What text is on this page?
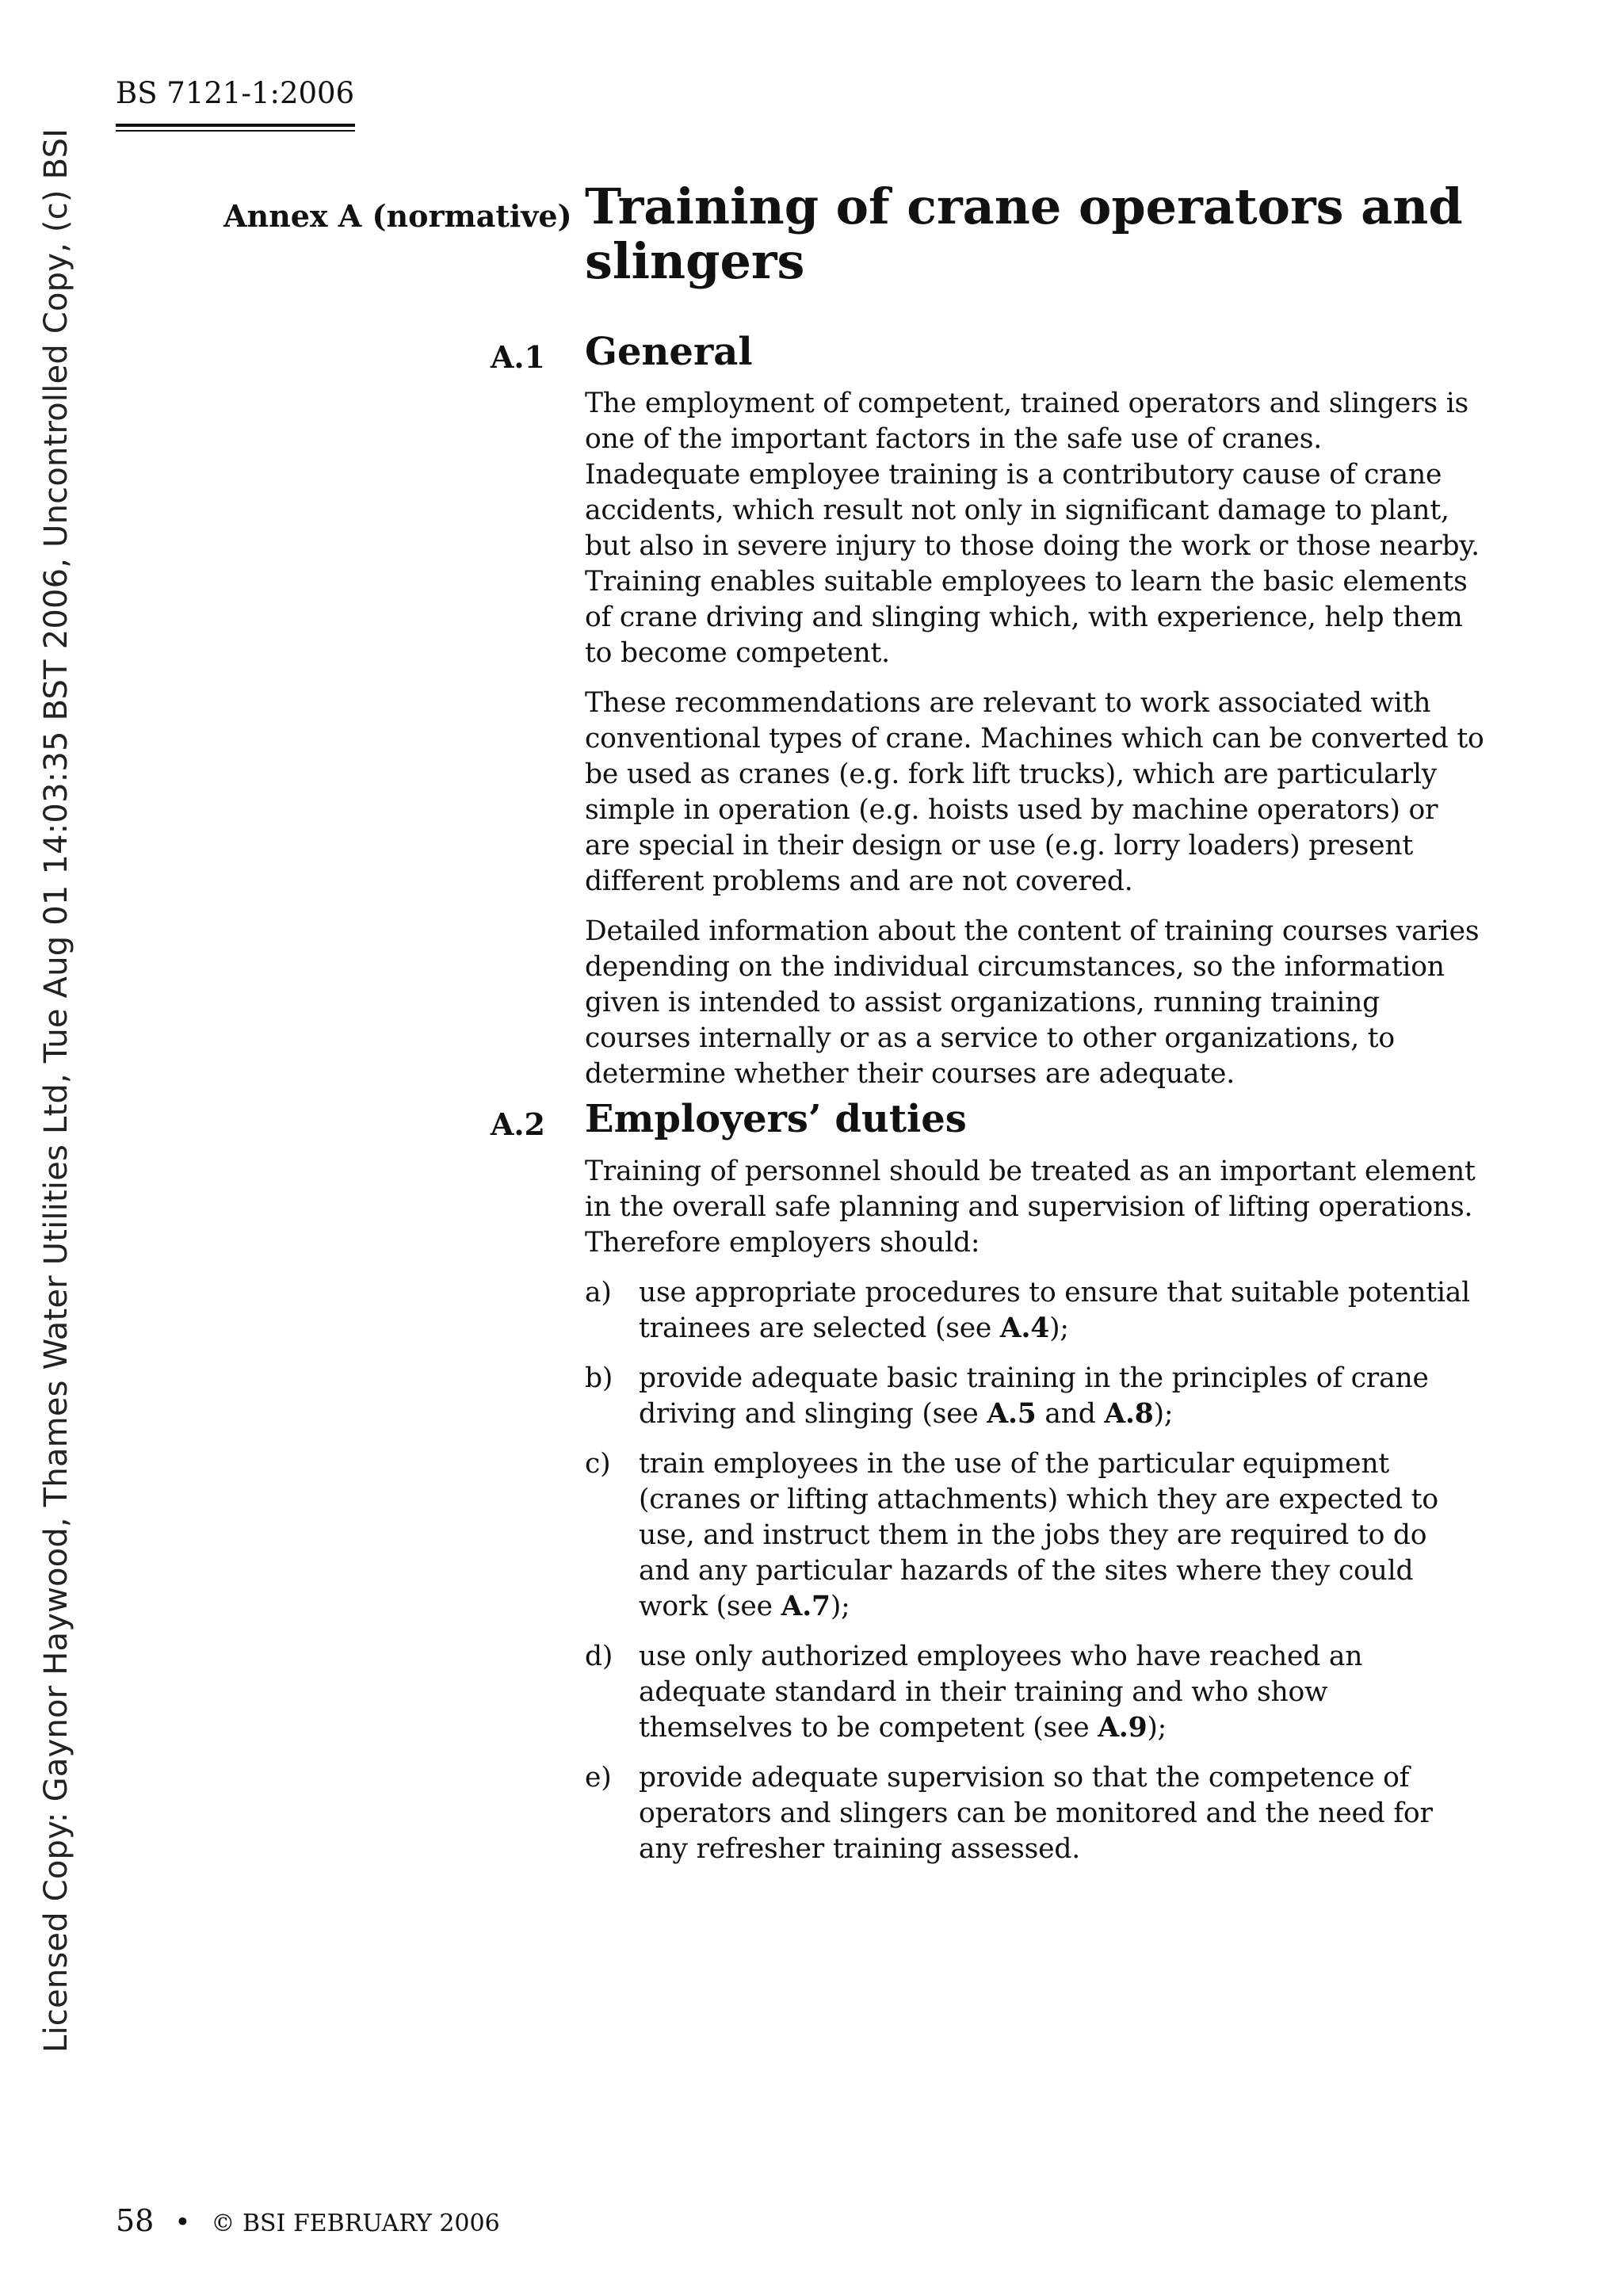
BS 7121-1:2006
Licensed Copy: Gaynor Haywood, Thames Water Utilities Ltd, Tue Aug 01 14:03:35 BST 2006, Uncontrolled Copy, (c) BSI	Annex A (normative) Training of crane operators and slingers
A.1 General

The employment of competent, trained operators and slingers is one of the important factors in the safe use of cranes. Inadequate employee training is a contributory cause of crane accidents, which result not only in significant damage to plant, but also in severe injury to those doing the work or those nearby. Training enables suitable employees to learn the basic elements of crane driving and slinging which, with experience, help them to become competent.

These recommendations are relevant to work associated with conventional types of crane. Machines which can be converted to be used as cranes (e.g. fork lift trucks), which are particularly simple in operation (e.g. hoists used by machine operators) or are special in their design or use (e.g. lorry loaders) present different problems and are not covered.

Detailed information about the content of training courses varies depending on the individual circumstances, so the information given is intended to assist organizations, running training courses internally or as a service to other organizations, to determine whether their courses are adequate.

A.2 Employers’ duties

Training of personnel should be treated as an important element in the overall safe planning and supervision of lifting operations. Therefore employers should:

a) use appropriate procedures to ensure that suitable potential trainees are selected (see A.4);
b) provide adequate basic training in the principles of crane driving and slinging (see A.5 and A.8);
c) train employees in the use of the particular equipment (cranes or lifting attachments) which they are expected to use, and instruct them in the jobs they are required to do and any particular hazards of the sites where they could work (see A.7);
d) use only authorized employees who have reached an adequate standard in their training and who show themselves to be competent (see A.9);
e) provide adequate supervision so that the competence of operators and slingers can be monitored and the need for any refresher training assessed.
58 • © BSI FEBRUARY 2006
